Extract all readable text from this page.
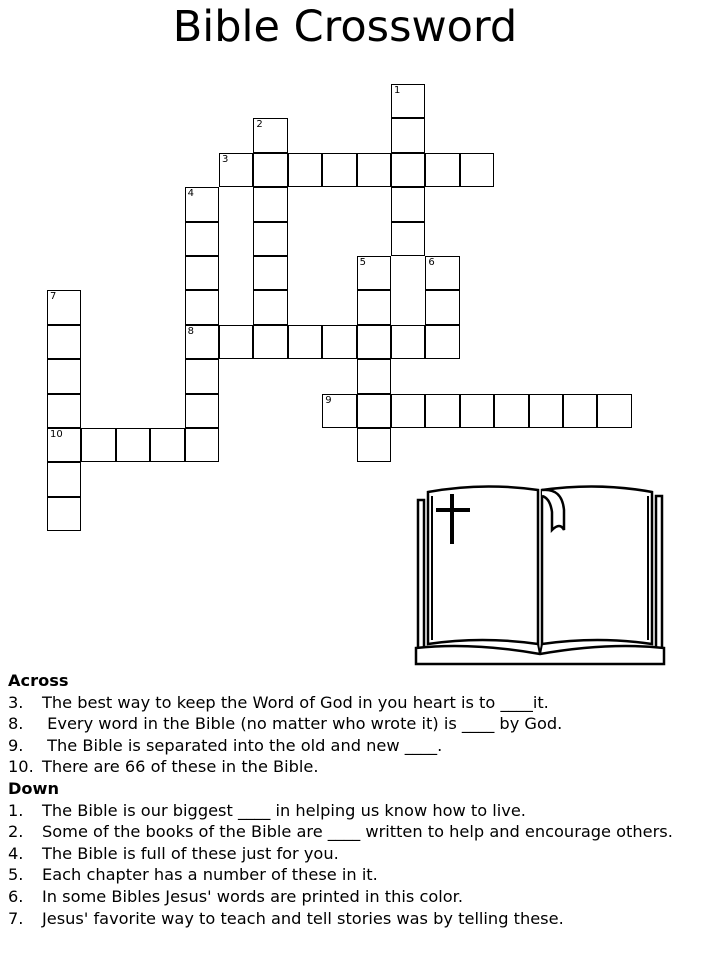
Bible Crossword
1
2
3
4
8
5	6
7
10
9
Across
3. The best way to keep the Word of God in you heart is to ____it.
8. Every word in the Bible (no matter who wrote it) is ____ by God.
9. The Bible is separated into the old and new ____.
10. There are 66 of these in the Bible.
Down
1. The Bible is our biggest ____ in helping us know how to live.
2. Some of the books of the Bible are ____ written to help and encourage others.
4. The Bible is full of these just for you.
5. Each chapter has a number of these in it.
6. In some Bibles Jesus' words are printed in this color.
7. Jesus' favorite way to teach and tell stories was by telling these.
